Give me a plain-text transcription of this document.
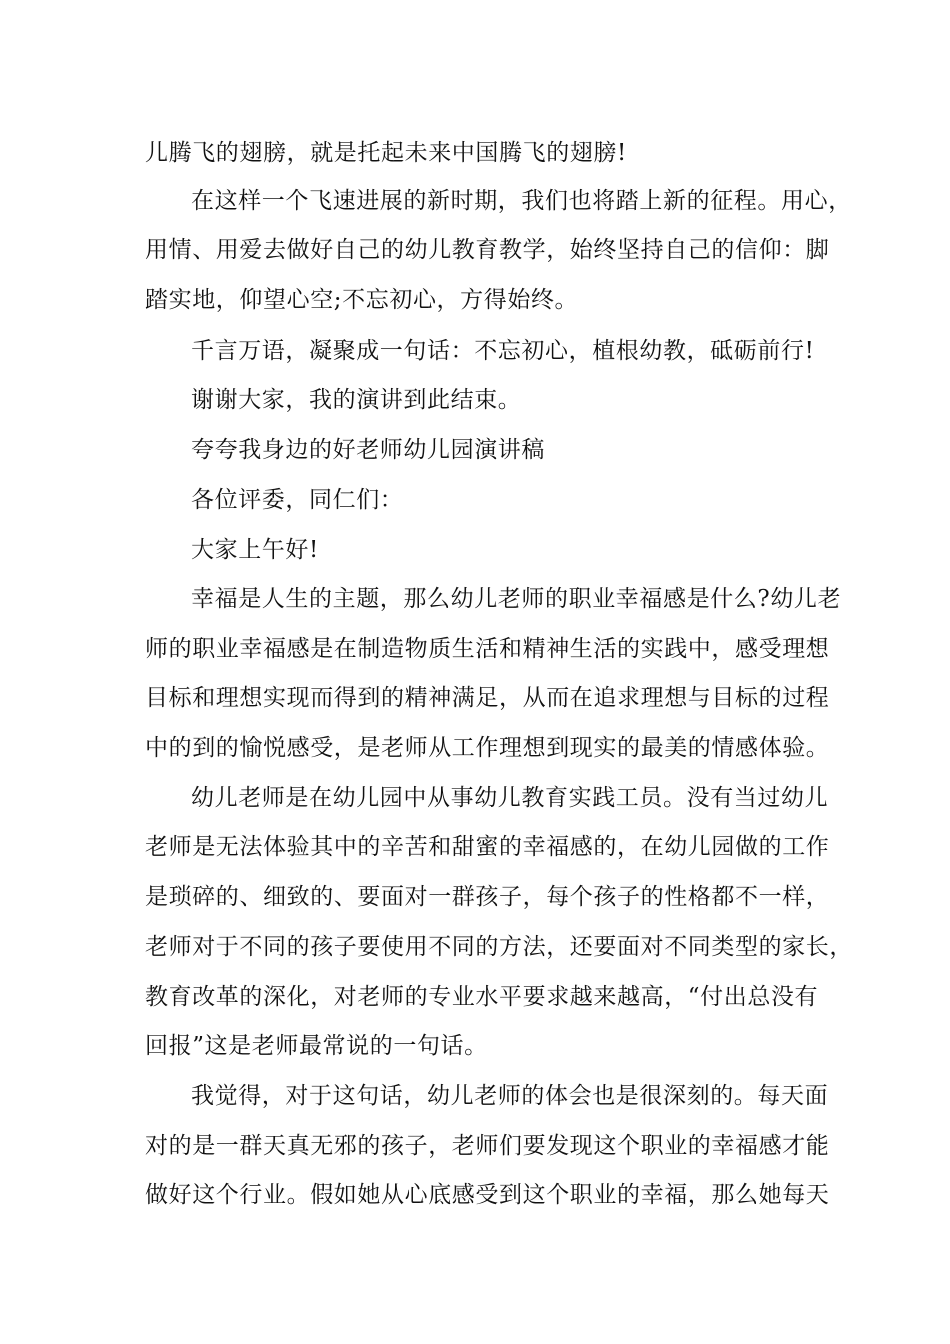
儿腾飞的翅膀，就是托起未来中国腾飞的翅膀!
在这样一个飞速进展的新时期，我们也将踏上新的征程。用心，
用情、用爱去做好自己的幼儿教育教学，始终坚持自己的信仰：脚
踏实地，仰望心空;不忘初心，方得始终。
千言万语，凝聚成一句话：不忘初心，植根幼教，砥砺前行!
谢谢大家，我的演讲到此结束。
夸夸我身边的好老师幼儿园演讲稿
各位评委，同仁们：
大家上午好!
幸福是人生的主题，那么幼儿老师的职业幸福感是什么?幼儿老
师的职业幸福感是在制造物质生活和精神生活的实践中，感受理想
目标和理想实现而得到的精神满足，从而在追求理想与目标的过程
中的到的愉悦感受，是老师从工作理想到现实的最美的情感体验。
幼儿老师是在幼儿园中从事幼儿教育实践工员。没有当过幼儿
老师是无法体验其中的辛苦和甜蜜的幸福感的，在幼儿园做的工作
是琐碎的、细致的、要面对一群孩子，每个孩子的性格都不一样，
老师对于不同的孩子要使用不同的方法，还要面对不同类型的家长，
教育改革的深化，对老师的专业水平要求越来越高，“付出总没有
回报”这是老师最常说的一句话。
我觉得，对于这句话，幼儿老师的体会也是很深刻的。每天面
对的是一群天真无邪的孩子，老师们要发现这个职业的幸福感才能
做好这个行业。假如她从心底感受到这个职业的幸福，那么她每天
